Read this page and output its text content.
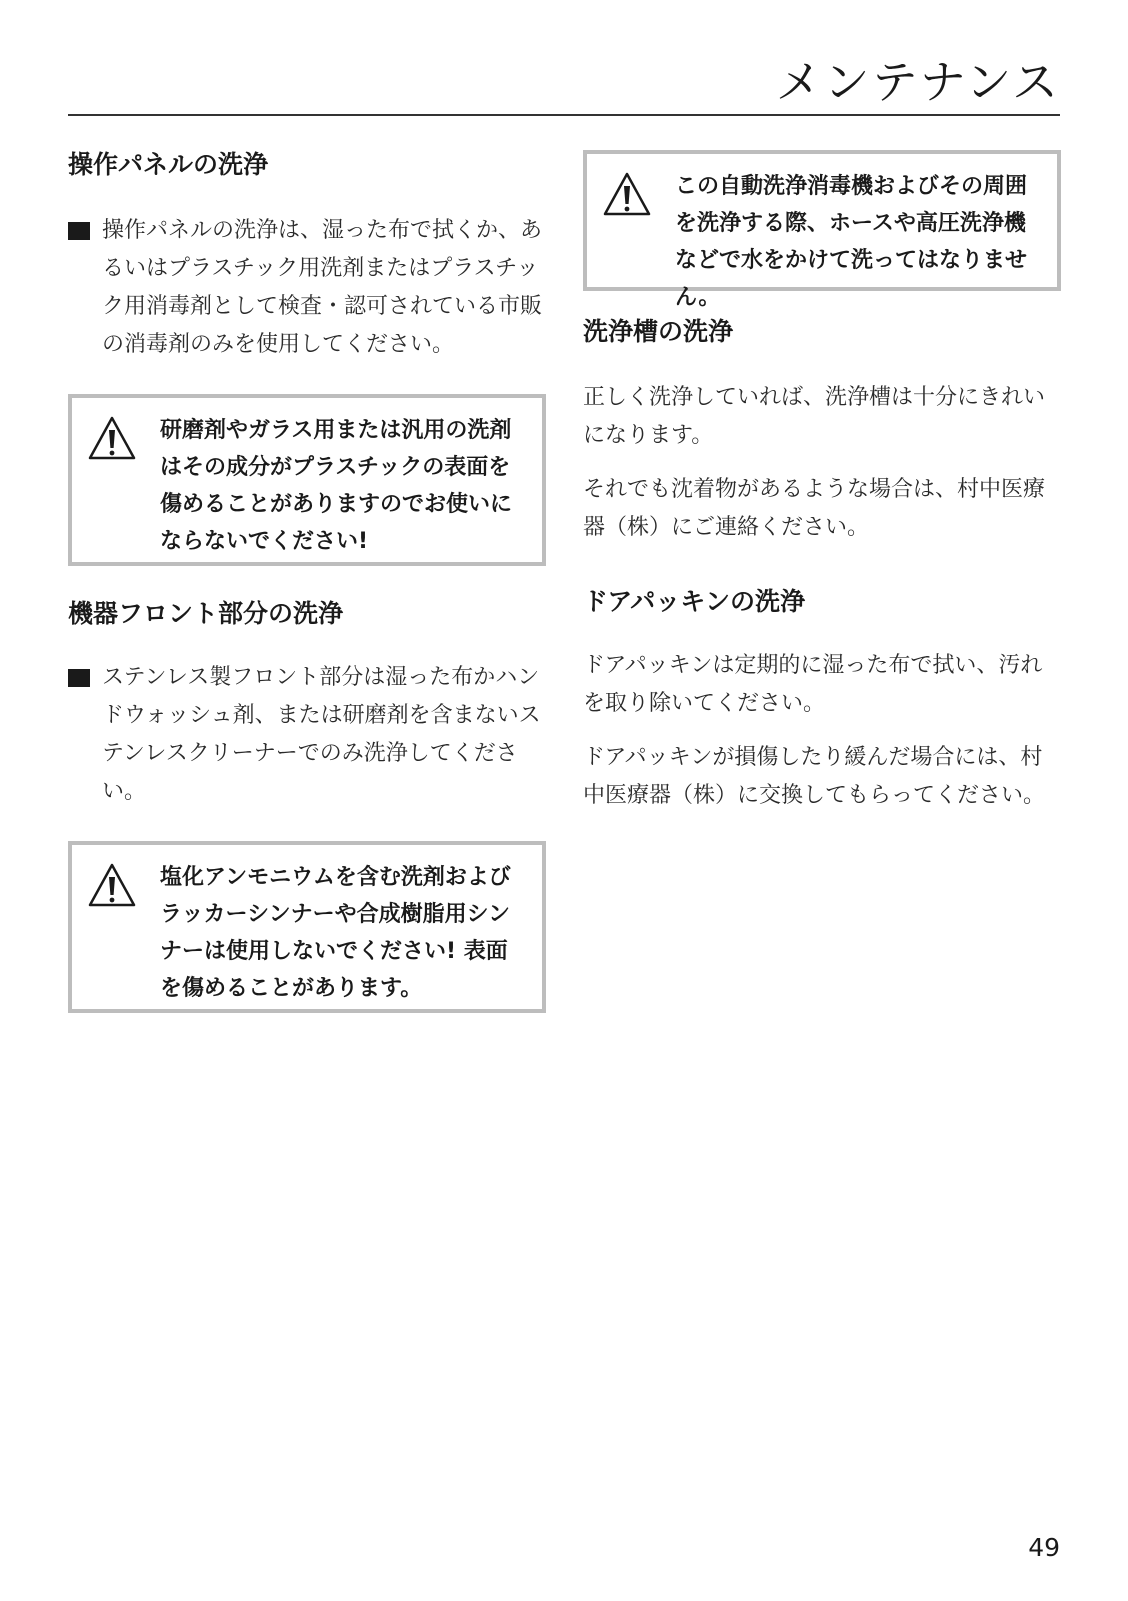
メンテナンス
操作パネルの洗浄
操作パネルの洗浄は、湿った布で拭くか、あるいはプラスチック用洗剤またはプラスチック用消毒剤として検査・認可されている市販の消毒剤のみを使用してください。
研磨剤やガラス用または汎用の洗剤はその成分がプラスチックの表面を傷めることがありますのでお使いにならないでください!
機器フロント部分の洗浄
ステンレス製フロント部分は湿った布かハンドウォッシュ剤、または研磨剤を含まないステンレスクリーナーでのみ洗浄してください。
塩化アンモニウムを含む洗剤およびラッカーシンナーや合成樹脂用シンナーは使用しないでください! 表面を傷めることがあります。
この自動洗浄消毒機およびその周囲を洗浄する際、ホースや高圧洗浄機などで水をかけて洗ってはなりません。
洗浄槽の洗浄

正しく洗浄していれば、洗浄槽は十分にきれいになります。

それでも沈着物があるような場合は、村中医療器（株）にご連絡ください。

ドアパッキンの洗浄

ドアパッキンは定期的に湿った布で拭い、汚れを取り除いてください。

ドアパッキンが損傷したり緩んだ場合には、村中医療器（株）に交換してもらってください。

49
